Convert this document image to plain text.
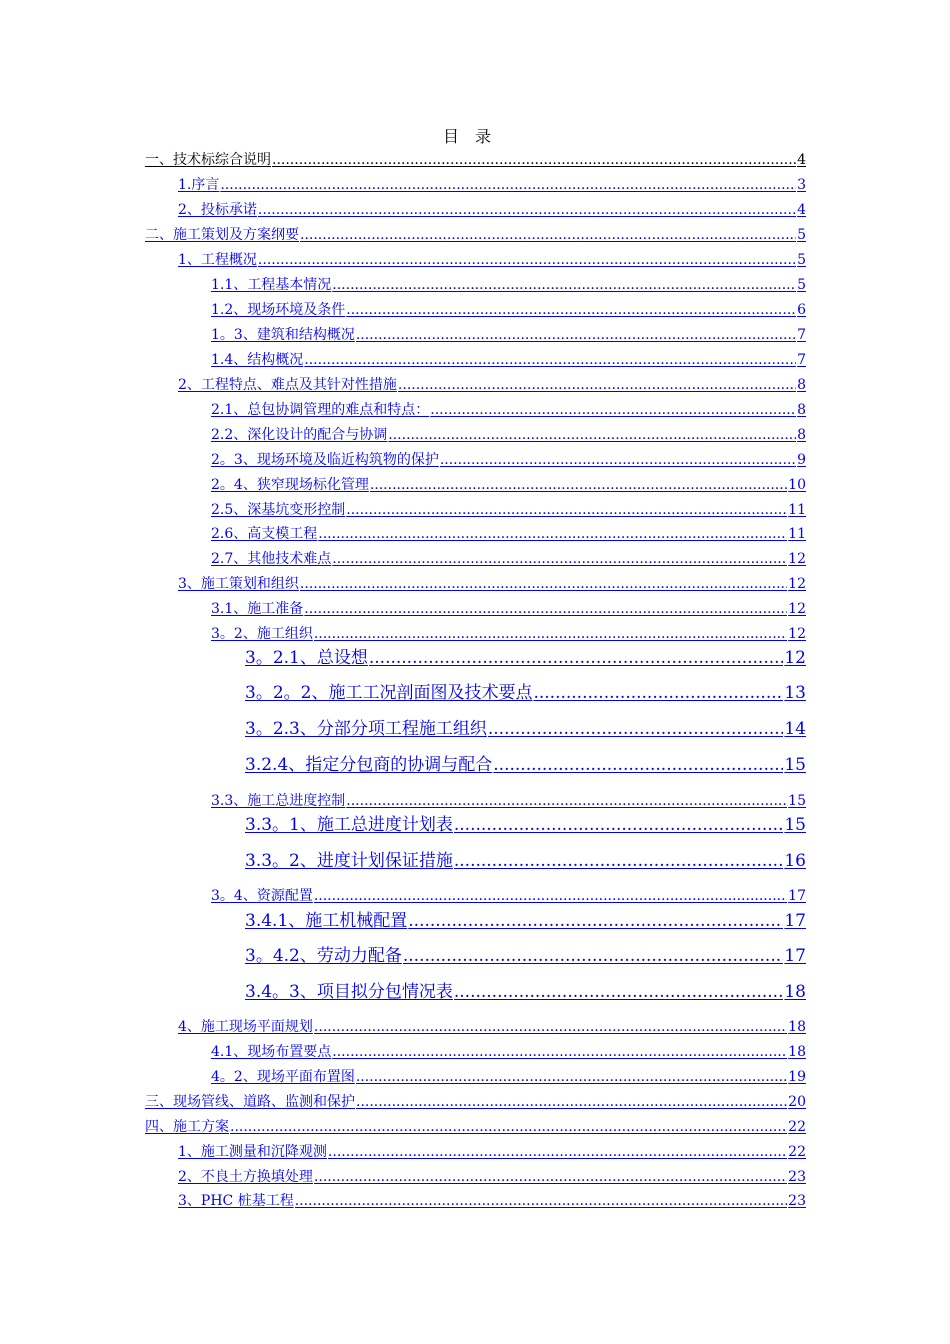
目录
一、技术标综合说明 .....	4
1.序言 .....	3
2、投标承诺 .....	4
二、施工策划及方案纲要 .....	5
1、工程概况 .....	5
1.1、工程基本情况 .....	5
1.2、现场环境及条件 .....	6
1。3、建筑和结构概况 .....	7
1.4、结构概况 .....	7
2、工程特点、难点及其针对性措施 .....	8
2.1、总包协调管理的难点和特点： .....	8
2.2、深化设计的配合与协调 .....	8
2。3、现场环境及临近构筑物的保护 .....	9
2。4、狭窄现场标化管理 .....	10
2.5、深基坑变形控制 .....	11
2.6、高支模工程 .....	11
2.7、其他技术难点 .....	12
3、施工策划和组织 .....	12
3.1、施工准备 .....	12
3。2、施工组织 .....	12
3。2.1、总设想 .....	12
3。2。2、施工工况剖面图及技术要点 .....	13
3。2.3、分部分项工程施工组织 .....	14
3.2.4、指定分包商的协调与配合 .....	15
3.3、施工总进度控制 .....	15
3.3。1、施工总进度计划表 .....	15
3.3。2、进度计划保证措施 .....	16
3。4、资源配置 .....	17
3.4.1、施工机械配置 .....	17
3。4.2、劳动力配备 .....	17
3.4。3、项目拟分包情况表 .....	18
4、施工现场平面规划 .....	18
4.1、现场布置要点 .....	18
4。2、现场平面布置图 .....	19
三、现场管线、道路、监测和保护 .....	20
四、施工方案 .....	22
1、施工测量和沉降观测 .....	22
2、不良土方换填处理 .....	23
3、PHC 桩基工程 .....	23
